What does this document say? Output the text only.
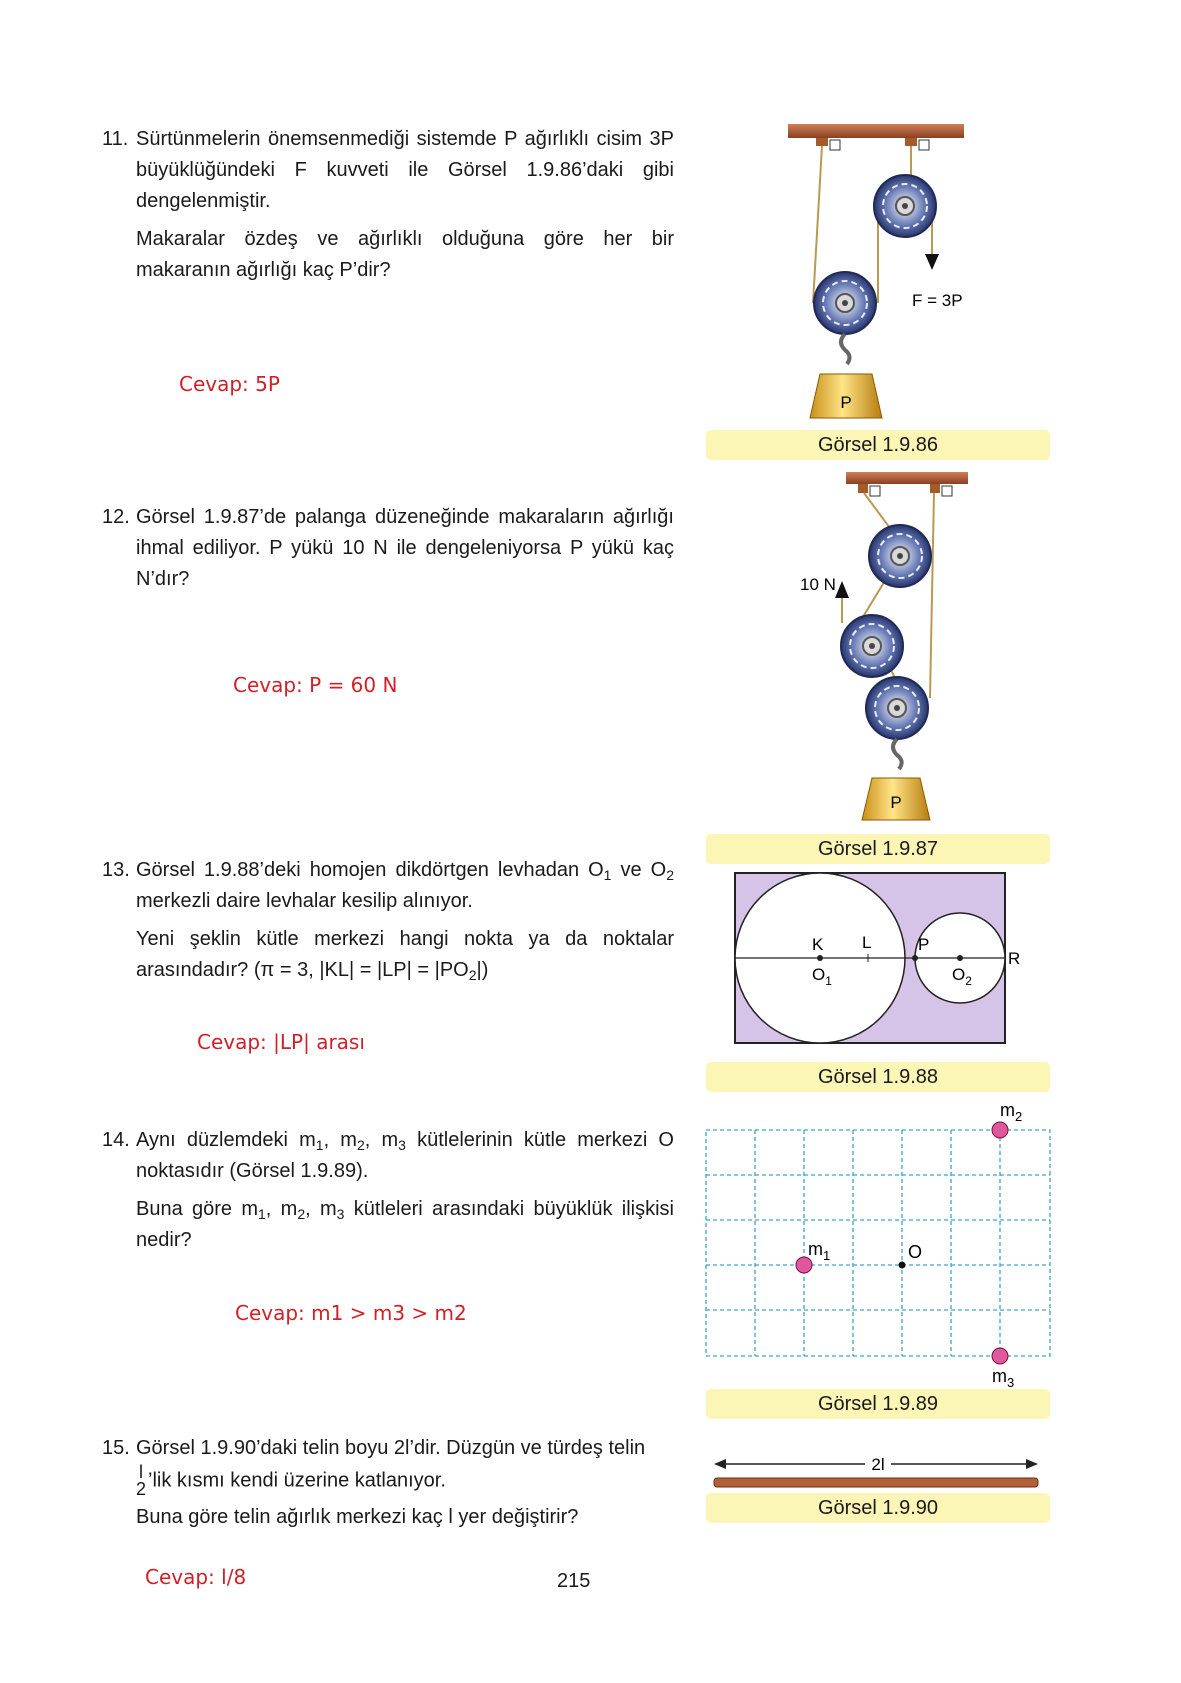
11. Sürtünmelerin önemsenmediği sistemde P ağırlıklı cisim 3P büyüklüğündeki F kuvveti ile Görsel 1.9.86’daki gibi dengelenmiştir.

Makaralar özdeş ve ağırlıklı olduğuna göre her bir makaranın ağırlığı kaç P’dir?

Cevap: 5P
P
F = 3P
Görsel 1.9.86
12. Görsel 1.9.87’de palanga düzeneğinde makaraların ağırlığı ihmal ediliyor. P yükü 10 N ile dengeleniyorsa P yükü kaç N’dır?

Cevap: P = 60 N
P
10 N
Görsel 1.9.87
13. Görsel 1.9.88’deki homojen dikdörtgen levhadan $O_1$ ve $O_2$ merkezli daire levhalar kesilip alınıyor.

Yeni şeklin kütle merkezi hangi nokta ya da noktalar arasındadır? (π = 3, $|KL| = |LP| = |PO_2|$)

Cevap: |LP| arası
K L	P
R
$O_1$	$O_2$
Görsel 1.9.88
14. Aynı düzlemdeki $m_1$, $m_2$, $m_3$ kütlelerinin kütle merkezi O noktasıdır (Görsel 1.9.89).

Buna göre $m_1$, $m_2$, $m_3$ kütleleri arasındaki büyüklük ilişkisi nedir?

Cevap: m1 > m3 > m2
$m_1$
$m_2$
$m_3$
O
Görsel 1.9.89
15. Görsel 1.9.90’daki telin boyu 2l’dir. Düzgün ve türdeş telin

l
2 ’lik kısmı kendi üzerine katlanıyor.

Buna göre telin ağırlık merkezi kaç l yer değiştirir?

Cevap: l/8
2l
Görsel 1.9.90
215
